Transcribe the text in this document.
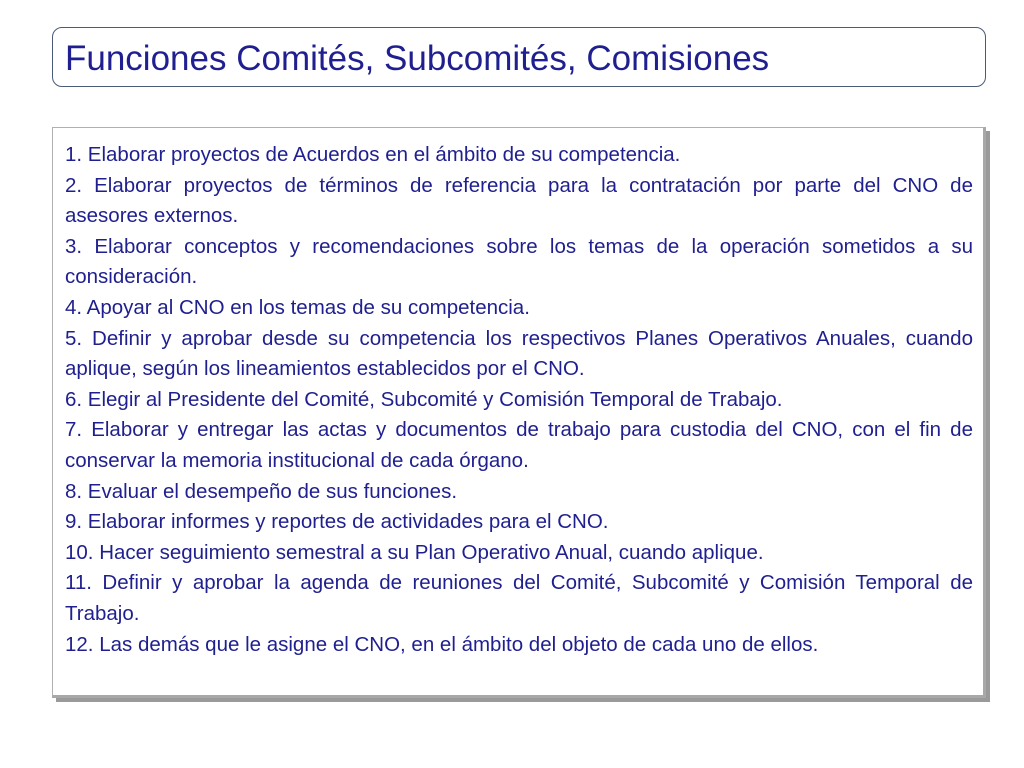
Funciones Comités, Subcomités, Comisiones

1. Elaborar proyectos de Acuerdos en el ámbito de su competencia.

2. Elaborar proyectos de términos de referencia para la contratación por parte del CNO de asesores externos.

3. Elaborar conceptos y recomendaciones sobre los temas de la operación sometidos a su consideración.

4. Apoyar al CNO en los temas de su competencia.

5. Definir y aprobar desde su competencia los respectivos Planes Operativos Anuales, cuando aplique, según los lineamientos establecidos por el CNO.

6. Elegir al Presidente del Comité, Subcomité y Comisión Temporal de Trabajo.

7. Elaborar y entregar las actas y documentos de trabajo para custodia del CNO, con el fin de conservar la memoria institucional de cada órgano.

8. Evaluar el desempeño de sus funciones.

9. Elaborar informes y reportes de actividades para el CNO.

10. Hacer seguimiento semestral a su Plan Operativo Anual, cuando aplique.

11. Definir y aprobar la agenda de reuniones del Comité, Subcomité y Comisión Temporal de Trabajo.

12. Las demás que le asigne el CNO, en el ámbito del objeto de cada uno de ellos.
